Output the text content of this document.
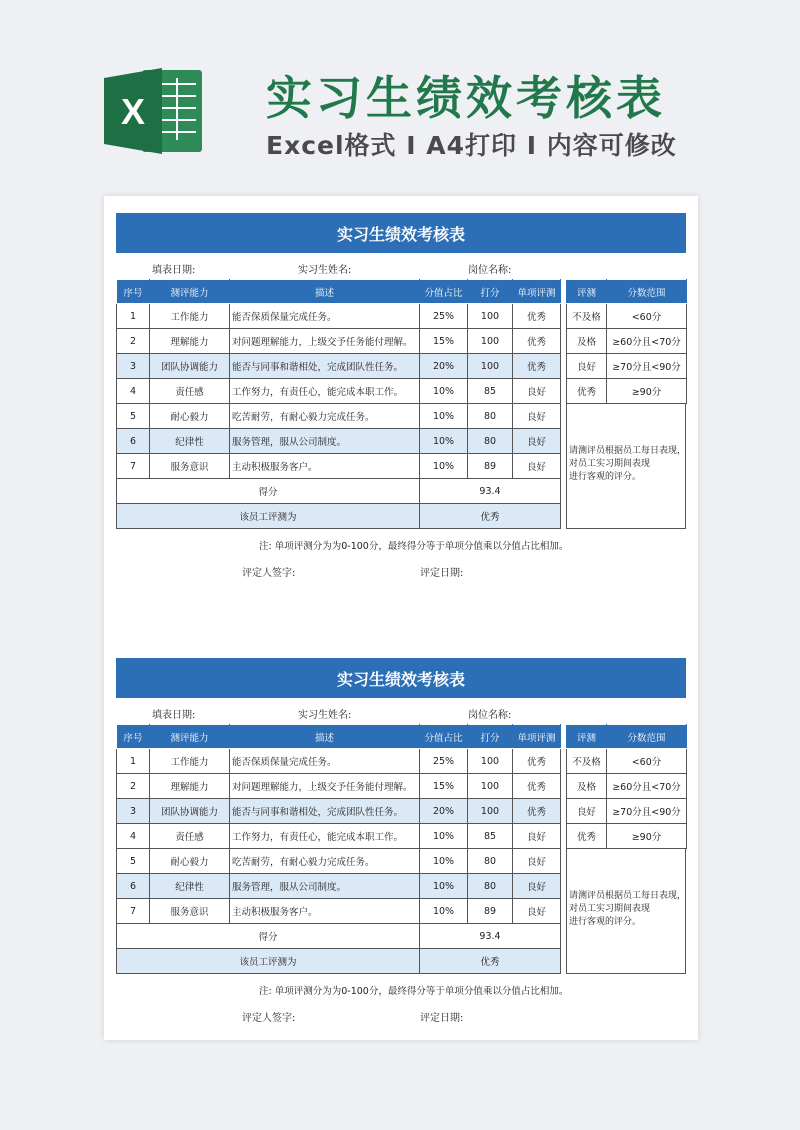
X	实习生绩效考核表
Excel格式 I A4打印 I 内容可修改
实习生绩效考核表
填表日期:	实习生姓名:	岗位名称:
序号	测评能力	描述	分值占比	打分	单项评测
1	工作能力	能否保质保量完成任务。	25%	100	优秀
2	理解能力	对问题理解能力，上级交予任务能付理解。	15%	100	优秀
3	团队协调能力	能否与同事和谐相处，完成团队性任务。	20%	100	优秀
4	责任感	工作努力，有责任心，能完成本职工作。	10%	85	良好
5	耐心毅力	吃苦耐劳，有耐心毅力完成任务。	10%	80	良好
6	纪律性	服务管理，服从公司制度。	10%	80	良好
7	服务意识	主动积极服务客户。	10%	89	良好
得分			93.4		
该员工评测为			优秀		
评测	分数范围
不及格	<60分
及格	≥60分且<70分
良好	≥70分且<90分
优秀	≥90分
请测评员根据员工每日表现，
对员工实习期间表现
进行客观的评分。
注: 单项评测分为为0-100分，最终得分等于单项分值乘以分值占比相加。
评定人签字:	评定日期:
实习生绩效考核表
填表日期:	实习生姓名:	岗位名称:
序号	测评能力	描述	分值占比	打分	单项评测
1	工作能力	能否保质保量完成任务。	25%	100	优秀
2	理解能力	对问题理解能力，上级交予任务能付理解。	15%	100	优秀
3	团队协调能力	能否与同事和谐相处，完成团队性任务。	20%	100	优秀
4	责任感	工作努力，有责任心，能完成本职工作。	10%	85	良好
5	耐心毅力	吃苦耐劳，有耐心毅力完成任务。	10%	80	良好
6	纪律性	服务管理，服从公司制度。	10%	80	良好
7	服务意识	主动积极服务客户。	10%	89	良好
得分			93.4		
该员工评测为			优秀		
评测	分数范围
不及格	<60分
及格	≥60分且<70分
良好	≥70分且<90分
优秀	≥90分
请测评员根据员工每日表现，
对员工实习期间表现
进行客观的评分。
注: 单项评测分为为0-100分，最终得分等于单项分值乘以分值占比相加。
评定人签字:	评定日期:
